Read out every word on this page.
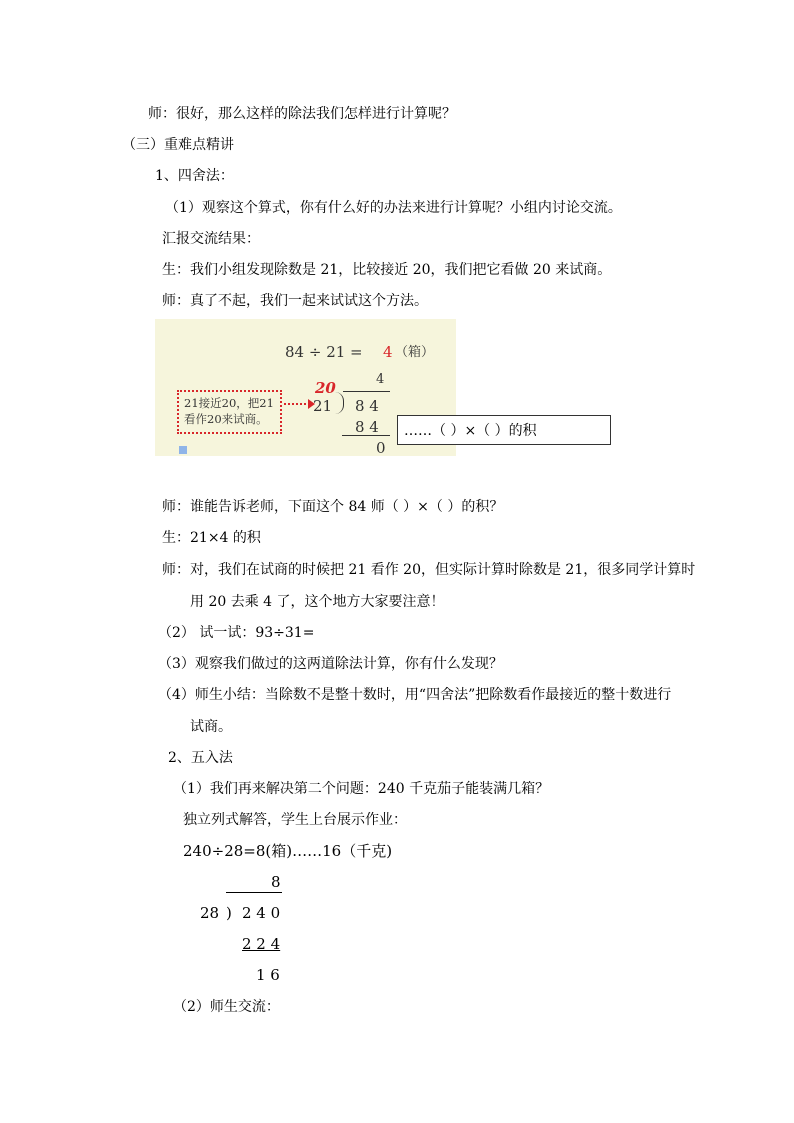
师：很好，那么这样的除法我们怎样进行计算呢？
（三）重难点精讲
1、四舍法：
（1）观察这个算式，你有什么好的办法来进行计算呢？小组内讨论交流。
汇报交流结果：
生：我们小组发现除数是 21，比较接近 20，我们把它看做 20 来试商。
师：真了不起，我们一起来试试这个方法。
84 ÷ 21 = 4 （箱）
20	4
21 8 4
8 4
0
21接近20，把21
看作20来试商。
……（ ）×（ ）的积
师：谁能告诉老师，下面这个 84 师（ ）×（ ）的积？
生：21×4 的积
师：对，我们在试商的时候把 21 看作 20，但实际计算时除数是 21，很多同学计算时
用 20 去乘 4 了，这个地方大家要注意！
（2） 试一试：93÷31=
（3）观察我们做过的这两道除法计算，你有什么发现？
（4）师生小结：当除数不是整十数时，用“四舍法”把除数看作最接近的整十数进行
试商。
2、五入法
（1）我们再来解决第二个问题：240 千克茄子能装满几箱？
独立列式解答，学生上台展示作业：
240÷28=8(箱)……16（千克)
8
28 ) 2 4 0
2 2 4
1 6
（2）师生交流：
